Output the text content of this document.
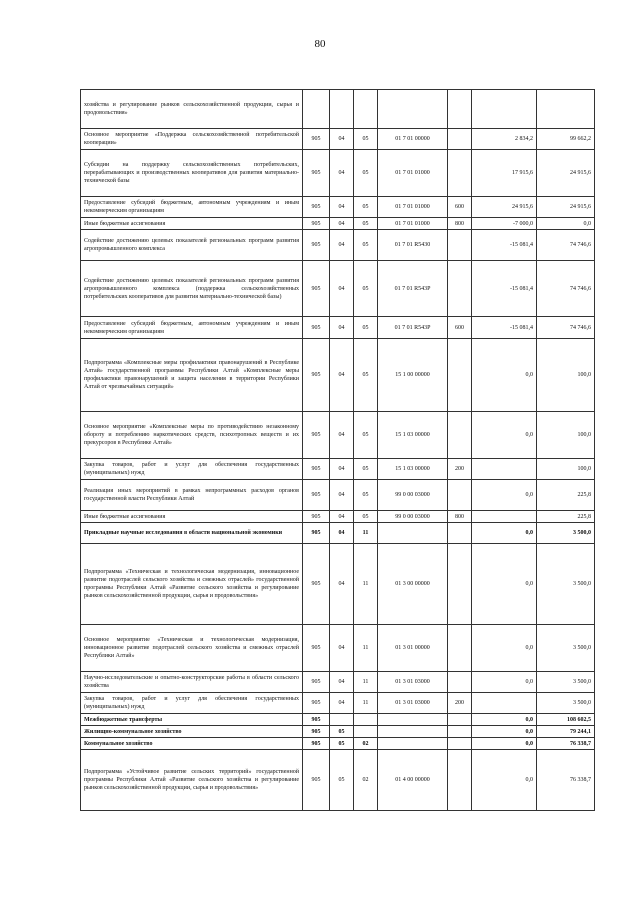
80
хозяйства и регулирование рынков сельскохозяйственной продукции, сырья и продовольствия»							
Основное мероприятие «Поддержка сельскохозяйственной потребительской кооперации»	905	04	05	01 7 01 00000		2 834,2	99 662,2
Субсидии на поддержку сельскохозяйственных потребительских, перерабатывающих и производственных кооперативов для развития материально-технической базы	905	04	05	01 7 01 01000		17 915,6	24 915,6
Предоставление субсидий бюджетным, автономным учреждениям и иным некоммерческим организациям	905	04	05	01 7 01 01000	600	24 915,6	24 915,6
Иные бюджетные ассигнования	905	04	05	01 7 01 01000	800	-7 000,0	0,0
Содействие достижению целевых показателей региональных программ развития агропромышленного комплекса	905	04	05	01 7 01 R5430		-15 081,4	74 746,6
Содействие достижению целевых показателей региональных программ развития агропромышленного комплекса (поддержка сельскохозяйственных потребительских кооперативов для развития материально-технической базы)	905	04	05	01 7 01 R543P		-15 081,4	74 746,6
Предоставление субсидий бюджетным, автономным учреждениям и иным некоммерческим организациям	905	04	05	01 7 01 R543P	600	-15 081,4	74 746,6
Подпрограмма «Комплексные меры профилактики правонарушений в Республике Алтай» государственной программы Республики Алтай «Комплексные меры профилактики правонарушений и защита населения в территории Республики Алтай от чрезвычайных ситуаций»	905	04	05	15 1 00 00000		0,0	100,0
Основное мероприятие «Комплексные меры по противодействию незаконному обороту и потреблению наркотических средств, психотропных веществ и их прекурсоров в Республике Алтай»	905	04	05	15 1 03 00000		0,0	100,0
Закупка товаров, работ и услуг для обеспечения государственных (муниципальных) нужд	905	04	05	15 1 03 00000	200		100,0
Реализация иных мероприятий в рамках непрограммных расходов органов государственной власти Республики Алтай	905	04	05	99 0 00 03000		0,0	225,8
Иные бюджетные ассигнования	905	04	05	99 0 00 03000	800		225,8
Прикладные научные исследования в области национальной экономики	905	04	11			0,0	3 500,0
Подпрограмма «Техническая и технологическая модернизация, инновационное развитие подотраслей сельского хозяйства и смежных отраслей» государственной программы Республики Алтай «Развитие сельского хозяйства и регулирование рынков сельскохозяйственной продукции, сырья и продовольствия»	905	04	11	01 3 00 00000		0,0	3 500,0
Основное мероприятие «Техническая и технологическая модернизация, инновационное развитие подотраслей сельского хозяйства и смежных отраслей Республики Алтай»	905	04	11	01 3 01 00000		0,0	3 500,0
Научно-исследовательские и опытно-конструкторские работы в области сельского хозяйства	905	04	11	01 3 01 03000		0,0	3 500,0
Закупка товаров, работ и услуг для обеспечения государственных (муниципальных) нужд	905	04	11	01 3 01 03000	200		3 500,0
Межбюджетные трансферты	905					0,0	108 602,5
Жилищно-коммунальное хозяйство	905	05				0,0	79 244,1
Коммунальное хозяйство	905	05	02			0,0	76 338,7
Подпрограмма «Устойчивое развитие сельских территорий» государственной программы Республики Алтай «Развитие сельского хозяйства и регулирование рынков сельскохозяйственной продукции, сырья и продовольствия»	905	05	02	01 4 00 00000		0,0	76 338,7
